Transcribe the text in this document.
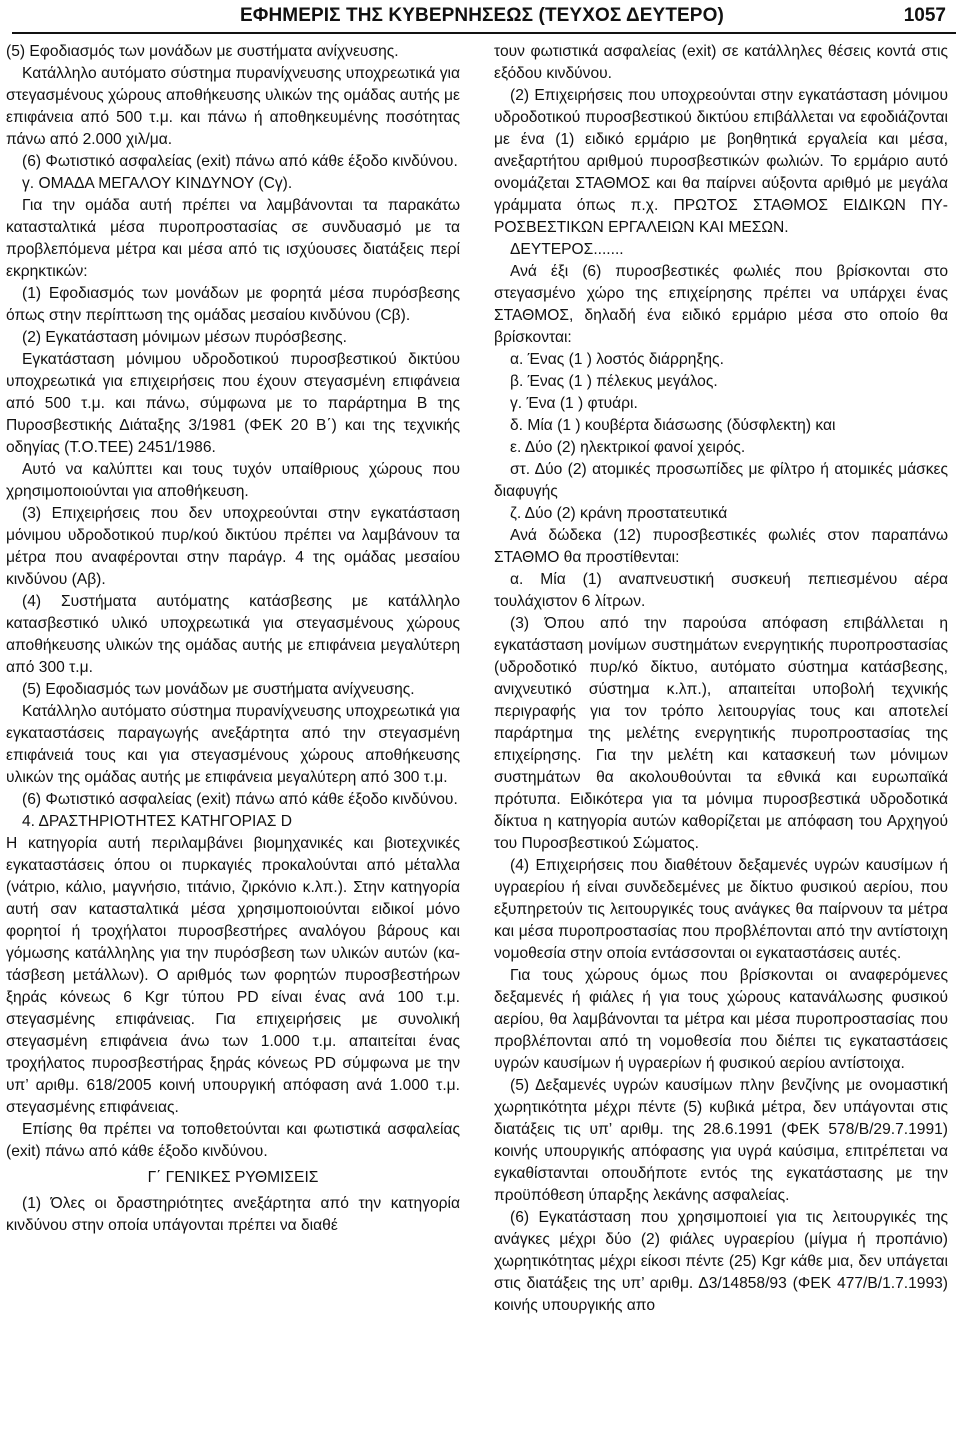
ΕΦΗΜΕΡΙΣ ΤΗΣ ΚΥΒΕΡΝΗΣΕΩΣ (ΤΕΥΧΟΣ ΔΕΥΤΕΡΟ)	1057

(5) Εφοδιασμός των μονάδων με συστήματα ανίχνευσης.

Κατάλληλο αυτόματο σύστημα πυρανίχνευσης υποχρεωτικά για στεγασμένους χώρους αποθήκευσης υλικών της ομάδας αυτής με επιφάνεια από 500 τ.μ. και πάνω ή αποθηκευμένης ποσότητας πάνω από 2.000 χιλ/μα.

(6) Φωτιστικό ασφαλείας (exit) πάνω από κάθε έξοδο κινδύνου.

γ. ΟΜΑΔΑ ΜΕΓΑΛΟΥ ΚΙΝΔΥΝΟΥ (Cγ).

Για την ομάδα αυτή πρέπει να λαμβάνονται τα παρακάτω κατασταλτικά μέσα πυροπροστασίας σε συνδυασμό με τα προβλεπόμενα μέτρα και μέσα από τις ισχύουσες διατάξεις περί εκρηκτικών:

(1) Εφοδιασμός των μονάδων με φορητά μέσα πυρόσβεσης όπως στην περίπτωση της ομάδας μεσαίου κινδύνου (Cβ).

(2) Εγκατάσταση μόνιμων μέσων πυρόσβεσης.

Εγκατάσταση μόνιμου υδροδοτικού πυροσβεστικού δικτύου υποχρεωτικά για επιχειρήσεις που έχουν στεγασμένη επιφάνεια από 500 τ.μ. και πάνω, σύμφωνα με το παράρτημα Β της Πυροσβεστικής Διάταξης 3/1981 (ΦΕΚ 20 Β΄) και της τεχνικής οδηγίας (Τ.Ο.ΤΕΕ) 2451/1986.

Αυτό να καλύπτει και τους τυχόν υπαίθριους χώρους που χρησιμοποιούνται για αποθήκευση.

(3) Επιχειρήσεις που δεν υποχρεούνται στην εγκατάσταση μόνιμου υδροδοτικού πυρ/κού δικτύου πρέπει να λαμβάνουν τα μέτρα που αναφέρονται στην παράγρ. 4 της ομάδας μεσαίου κινδύνου (Αβ).

(4) Συστήματα αυτόματης κατάσβεσης με κατάλληλο κατασβεστικό υλικό υποχρεωτικά για στεγασμένους χώρους αποθήκευσης υλικών της ομάδας αυτής με επιφάνεια μεγαλύτερη από 300 τ.μ.

(5) Εφοδιασμός των μονάδων με συστήματα ανίχνευσης.

Κατάλληλο αυτόματο σύστημα πυρανίχνευσης υποχρεωτικά για εγκαταστάσεις παραγωγής ανεξάρτητα από την στεγασμένη επιφάνειά τους και για στεγασμένους χώρους αποθήκευσης υλικών της ομάδας αυτής με επιφάνεια μεγαλύτερη από 300 τ.μ.

(6) Φωτιστικό ασφαλείας (exit) πάνω από κάθε έξοδο κινδύνου.

4. ΔΡΑΣΤΗΡΙΟΤΗΤΕΣ ΚΑΤΗΓΟΡΙΑΣ D

Η κατηγορία αυτή περιλαμβάνει βιομηχανικές και βιοτεχνικές εγκαταστάσεις όπου οι πυρκαγιές προκαλούνται από μέταλλα (νάτριο, κάλιο, μαγνήσιο, τιτάνιο, ζιρκόνιο κ.λπ.). Στην κατηγορία αυτή σαν κατασταλτικά μέσα χρησιμοποιούνται ειδικοί μόνο φορητοί ή τροχήλατοι πυροσβεστήρες αναλόγου βάρους και γόμωσης κατάλληλης για την πυρόσβεση των υλικών αυτών (κατάσβεση μετάλλων). Ο αριθμός των φορητών πυροσβεστήρων ξηράς κόνεως 6 Kgr τύπου PD είναι ένας ανά 100 τ.μ. στεγασμένης επιφάνειας. Για επιχειρήσεις με συνολική στεγασμένη επιφάνεια άνω των 1.000 τ.μ. απαιτείται ένας τροχήλατος πυροσβεστήρας ξηράς κόνεως PD σύμφωνα με την υπ’ αριθμ. 618/2005 κοινή υπουργική απόφαση ανά 1.000 τ.μ. στεγασμένης επιφάνειας.

Επίσης θα πρέπει να τοποθετούνται και φωτιστικά ασφαλείας (exit) πάνω από κάθε έξοδο κινδύνου.

Γ΄ ΓΕΝΙΚΕΣ ΡΥΘΜΙΣΕΙΣ

(1) Όλες οι δραστηριότητες ανεξάρτητα από την κατηγορία κινδύνου στην οποία υπάγονται πρέπει να διαθέ

τουν φωτιστικά ασφαλείας (exit) σε κατάλληλες θέσεις κοντά στις εξόδου κινδύνου.

(2) Επιχειρήσεις που υποχρεούνται στην εγκατάσταση μόνιμου υδροδοτικού πυροσβεστικού δικτύου επιβάλλεται να εφοδιάζονται με ένα (1) ειδικό ερμάριο με βοηθητικά εργαλεία και μέσα, ανεξαρτήτου αριθμού πυροσβεστικών φωλιών. Το ερμάριο αυτό ονομάζεται ΣΤΑΘΜΟΣ και θα παίρνει αύξοντα αριθμό με μεγάλα γράμματα όπως π.χ. ΠΡΩΤΟΣ ΣΤΑΘΜΟΣ ΕΙΔΙΚΩΝ ΠΥΡΟΣΒΕΣΤΙΚΩΝ ΕΡΓΑΛΕΙΩΝ ΚΑΙ ΜΕΣΩΝ.

ΔΕΥΤΕΡΟΣ.......

Ανά έξι (6) πυροσβεστικές φωλιές που βρίσκονται στο στεγασμένο χώρο της επιχείρησης πρέπει να υπάρχει ένας ΣΤΑΘΜΟΣ, δηλαδή ένα ειδικό ερμάριο μέσα στο οποίο θα βρίσκονται:

α. Ένας (1 ) λοστός διάρρηξης.

β. Ένας (1 ) πέλεκυς μεγάλος.

γ. Ένα (1 ) φτυάρι.

δ. Μία (1 ) κουβέρτα διάσωσης (δύσφλεκτη) και

ε. Δύο (2) ηλεκτρικοί φανοί χειρός.

στ. Δύο (2) ατομικές προσωπίδες με φίλτρο ή ατομικές μάσκες διαφυγής

ζ. Δύο (2) κράνη προστατευτικά

Ανά δώδεκα (12) πυροσβεστικές φωλιές στον παραπάνω ΣΤΑΘΜΟ θα προστίθενται:

α. Μία (1) αναπνευστική συσκευή πεπιεσμένου αέρα τουλάχιστον 6 λίτρων.

(3) Όπου από την παρούσα απόφαση επιβάλλεται η εγκατάσταση μονίμων συστημάτων ενεργητικής πυροπροστασίας (υδροδοτικό πυρ/κό δίκτυο, αυτόματο σύστημα κατάσβεσης, ανιχνευτικό σύστημα κ.λπ.), απαιτείται υποβολή τεχνικής περιγραφής για τον τρόπο λειτουργίας τους και αποτελεί παράρτημα της μελέτης ενεργητικής πυροπροστασίας της επιχείρησης. Για την μελέτη και κατασκευή των μόνιμων συστημάτων θα ακολουθούνται τα εθνικά και ευρωπαϊκά πρότυπα. Ειδικότερα για τα μόνιμα πυροσβεστικά υδροδοτικά δίκτυα η κατηγορία αυτών καθορίζεται με απόφαση του Αρχηγού του Πυροσβεστικού Σώματος.

(4) Επιχειρήσεις που διαθέτουν δεξαμενές υγρών καυσίμων ή υγραερίου ή είναι συνδεδεμένες με δίκτυο φυσικού αερίου, που εξυπηρετούν τις λειτουργικές τους ανάγκες θα παίρνουν τα μέτρα και μέσα πυροπροστασίας που προβλέπονται από την αντίστοιχη νομοθεσία στην οποία εντάσσονται οι εγκαταστάσεις αυτές.

Για τους χώρους όμως που βρίσκονται οι αναφερόμενες δεξαμενές ή φιάλες ή για τους χώρους κατανάλωσης φυσικού αερίου, θα λαμβάνονται τα μέτρα και μέσα πυροπροστασίας που προβλέπονται από τη νομοθεσία που διέπει τις εγκαταστάσεις υγρών καυσίμων ή υγραερίων ή φυσικού αερίου αντίστοιχα.

(5) Δεξαμενές υγρών καυσίμων πλην βενζίνης με ονομαστική χωρητικότητα μέχρι πέντε (5) κυβικά μέτρα, δεν υπάγονται στις διατάξεις τις υπ’ αριθμ. της 28.6.1991 (ΦΕΚ 578/Β/29.7.1991) κοινής υπουργικής απόφασης για υγρά καύσιμα, επιτρέπεται να εγκαθίστανται οπουδήποτε εντός της εγκατάστασης με την προϋπόθεση ύπαρξης λεκάνης ασφαλείας.

(6) Εγκατάσταση που χρησιμοποιεί για τις λειτουργικές της ανάγκες μέχρι δύο (2) φιάλες υγραερίου (μίγμα ή προπάνιο) χωρητικότητας μέχρι είκοσι πέντε (25) Kgr κάθε μια, δεν υπάγεται στις διατάξεις της υπ’ αριθμ. Δ3/14858/93 (ΦΕΚ 477/Β/1.7.1993) κοινής υπουργικής απο
